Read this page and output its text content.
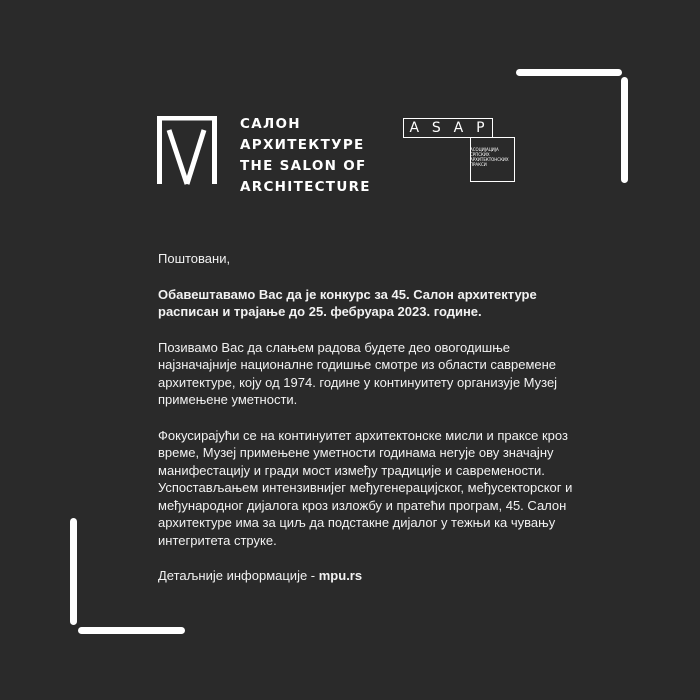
САЛОН
АРХИТЕКТУРЕ
THE SALON OF
ARCHITECTURE
A S A P
АСОЦИЈАЦИЈА
СРПСКИХ
АРХИТЕКТОНСКИХ
ПРАКСИ

Поштовани,

Обавештавамо Вас да је конкурс за 45. Салон архитектуре расписан и трајање до 25. фебруара 2023. године.

Позивамо Вас да слањем радова будете део овогодишње најзначајније националне годишње смотре из области савремене архитектуре, коју од 1974. године у континуитету организује Музеј примењене уметности.

Фокусирајући се на континуитет архитектонске мисли и праксе кроз време, Музеј примењене уметности годинама негује ову значајну манифестацију и гради мост између традиције и савремености. Успостављањем интензивнијег међугенерацијског, међусекторског и међународног дијалога кроз изложбу и пратећи програм, 45. Салон архитектуре има за циљ да подстакне дијалог у тежњи ка чувању интегритета струке.

Детаљније информације - mpu.rs
